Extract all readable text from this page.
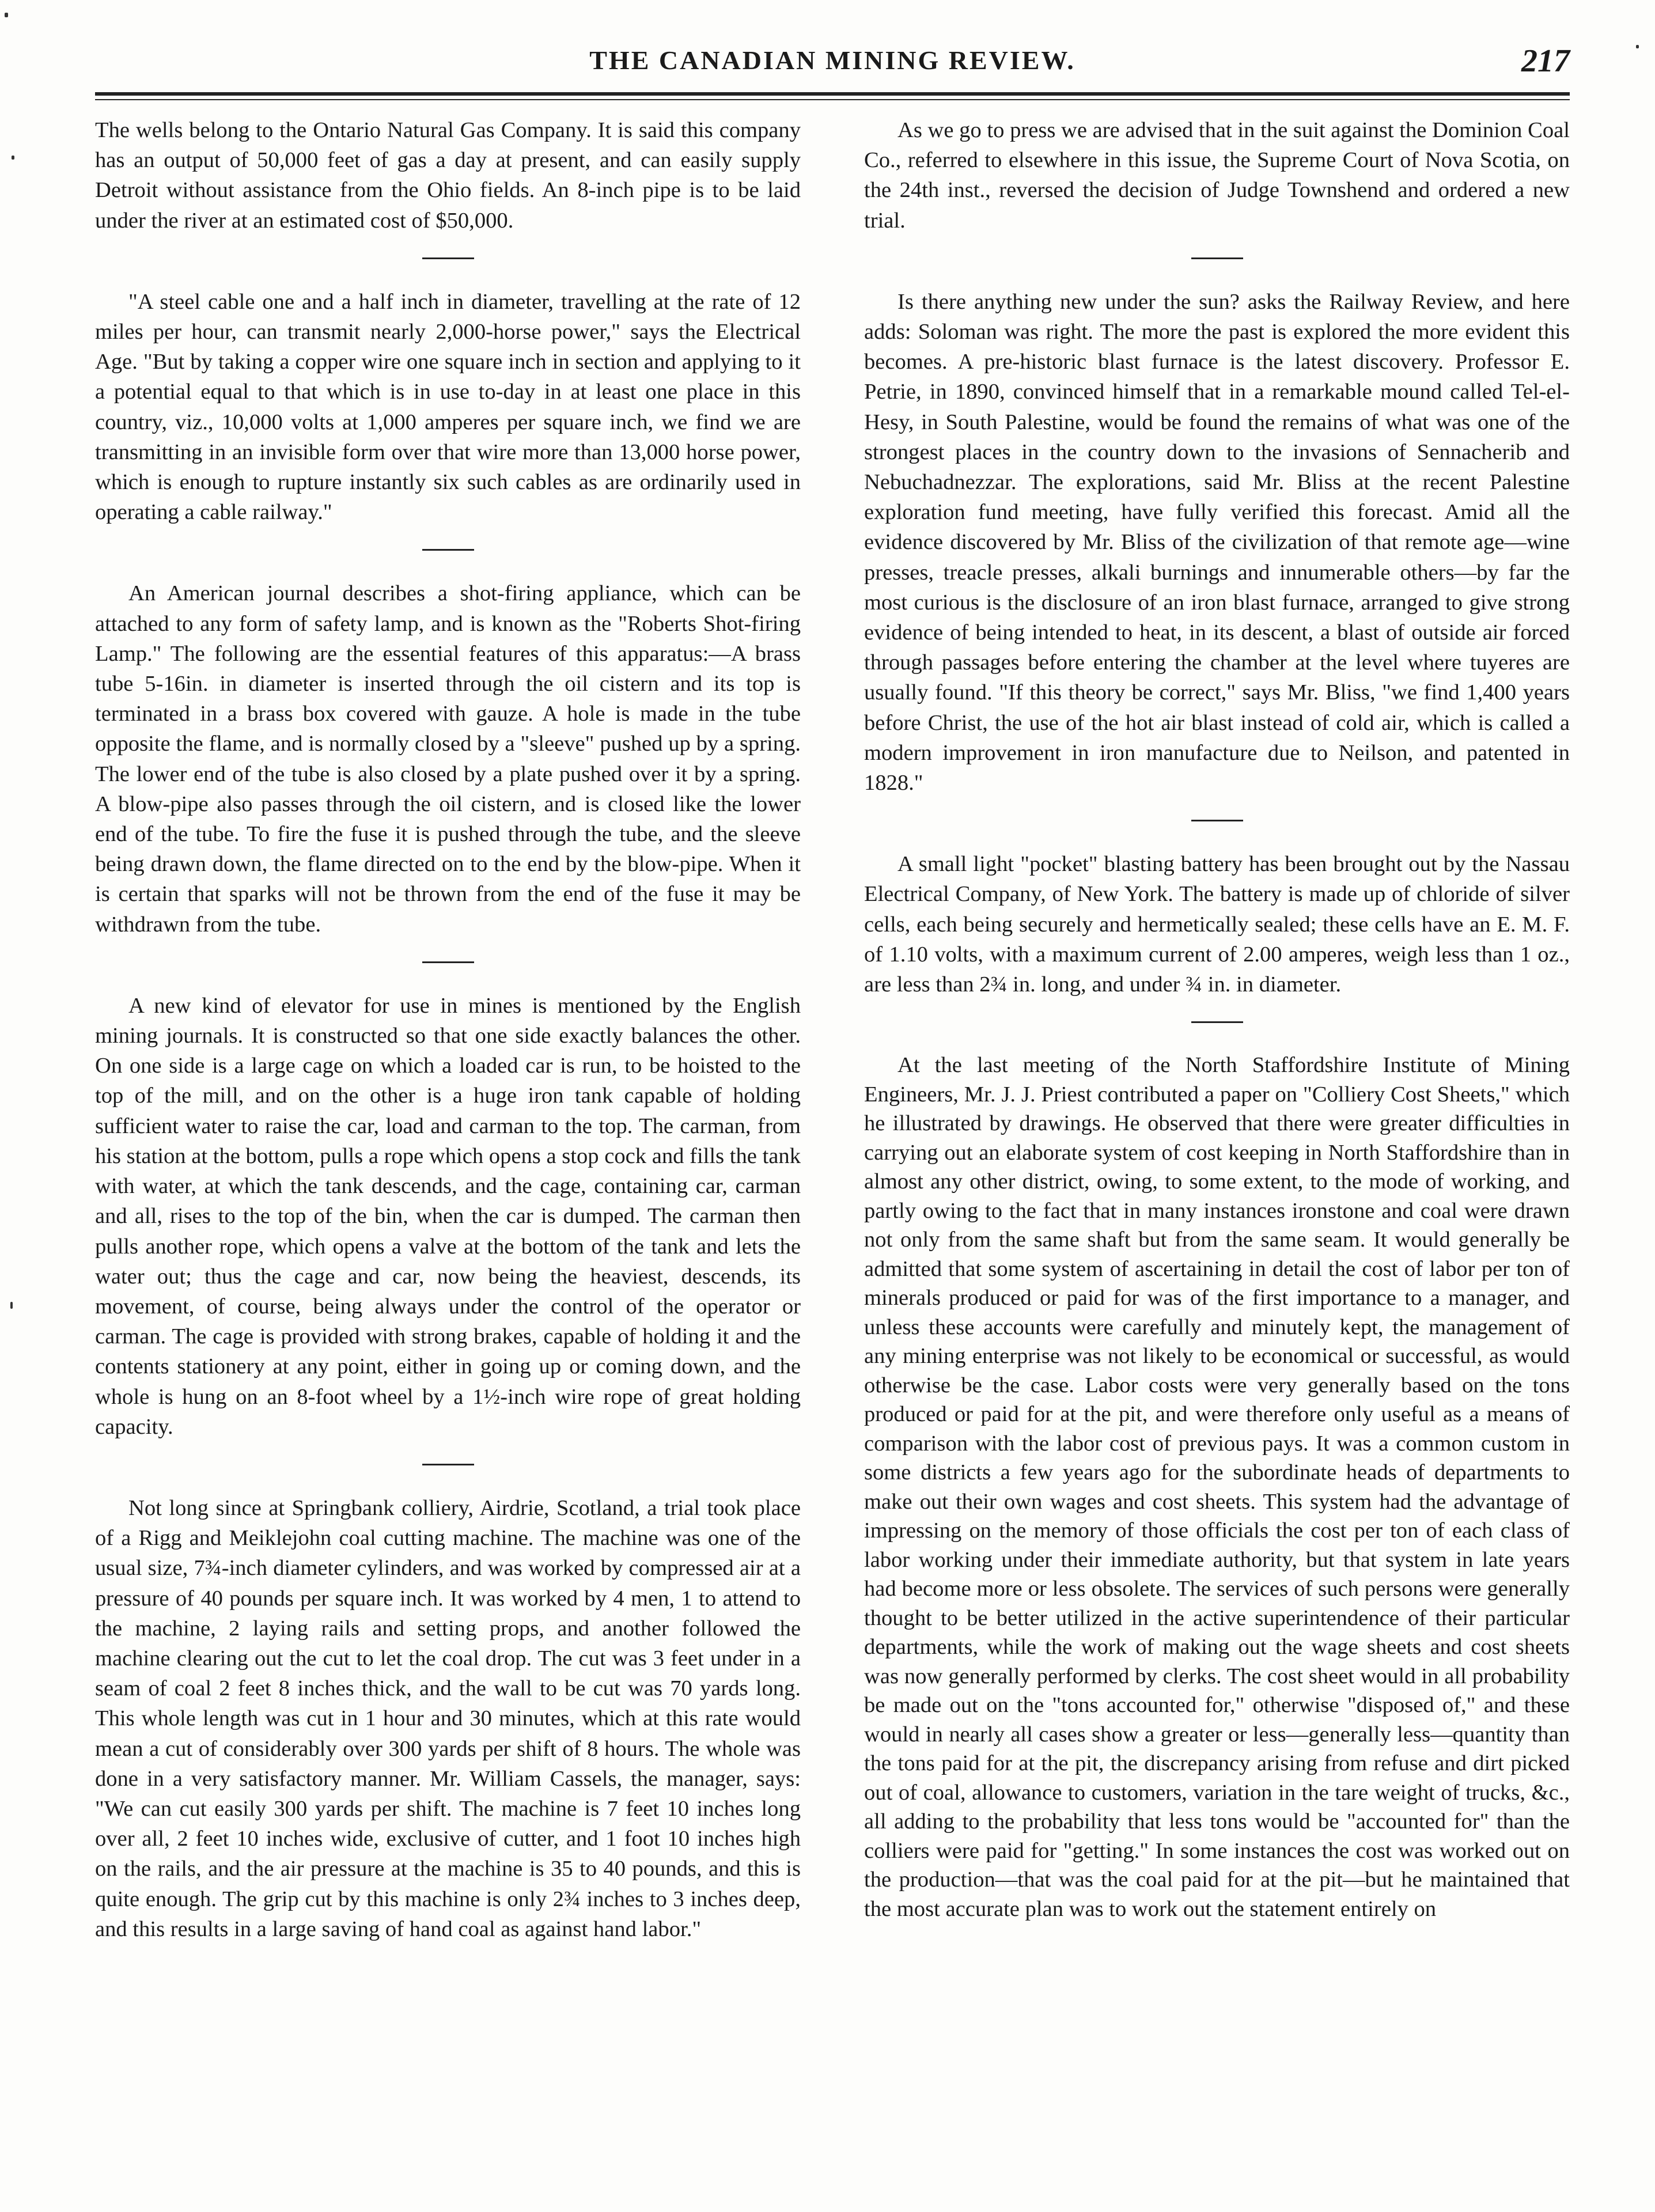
THE CANADIAN MINING REVIEW.	217

The wells belong to the Ontario Natural Gas Company. It is said this company has an output of 50,000 feet of gas a day at present, and can easily supply Detroit without assistance from the Ohio fields. An 8-inch pipe is to be laid under the river at an estimated cost of $50,000.

"A steel cable one and a half inch in diameter, travelling at the rate of 12 miles per hour, can transmit nearly 2,000-horse power," says the Electrical Age. "But by taking a copper wire one square inch in section and applying to it a potential equal to that which is in use to-day in at least one place in this country, viz., 10,000 volts at 1,000 amperes per square inch, we find we are transmitting in an invisible form over that wire more than 13,000 horse power, which is enough to rupture instantly six such cables as are ordinarily used in operating a cable railway."

An American journal describes a shot-firing appliance, which can be attached to any form of safety lamp, and is known as the "Roberts Shot-firing Lamp." The following are the essential features of this apparatus:—A brass tube 5-16in. in diameter is inserted through the oil cistern and its top is terminated in a brass box covered with gauze. A hole is made in the tube opposite the flame, and is normally closed by a "sleeve" pushed up by a spring. The lower end of the tube is also closed by a plate pushed over it by a spring. A blow-pipe also passes through the oil cistern, and is closed like the lower end of the tube. To fire the fuse it is pushed through the tube, and the sleeve being drawn down, the flame directed on to the end by the blow-pipe. When it is certain that sparks will not be thrown from the end of the fuse it may be withdrawn from the tube.

A new kind of elevator for use in mines is mentioned by the English mining journals. It is constructed so that one side exactly balances the other. On one side is a large cage on which a loaded car is run, to be hoisted to the top of the mill, and on the other is a huge iron tank capable of holding sufficient water to raise the car, load and carman to the top. The carman, from his station at the bottom, pulls a rope which opens a stop cock and fills the tank with water, at which the tank descends, and the cage, containing car, carman and all, rises to the top of the bin, when the car is dumped. The carman then pulls another rope, which opens a valve at the bottom of the tank and lets the water out; thus the cage and car, now being the heaviest, descends, its movement, of course, being always under the control of the operator or carman. The cage is provided with strong brakes, capable of holding it and the contents stationery at any point, either in going up or coming down, and the whole is hung on an 8-foot wheel by a 1½-inch wire rope of great holding capacity.

Not long since at Springbank colliery, Airdrie, Scotland, a trial took place of a Rigg and Meiklejohn coal cutting machine. The machine was one of the usual size, 7¾-inch diameter cylinders, and was worked by compressed air at a pressure of 40 pounds per square inch. It was worked by 4 men, 1 to attend to the machine, 2 laying rails and setting props, and another followed the machine clearing out the cut to let the coal drop. The cut was 3 feet under in a seam of coal 2 feet 8 inches thick, and the wall to be cut was 70 yards long. This whole length was cut in 1 hour and 30 minutes, which at this rate would mean a cut of considerably over 300 yards per shift of 8 hours. The whole was done in a very satisfactory manner. Mr. William Cassels, the manager, says: "We can cut easily 300 yards per shift. The machine is 7 feet 10 inches long over all, 2 feet 10 inches wide, exclusive of cutter, and 1 foot 10 inches high on the rails, and the air pressure at the machine is 35 to 40 pounds, and this is quite enough. The grip cut by this machine is only 2¾ inches to 3 inches deep, and this results in a large saving of hand coal as against hand labor."

As we go to press we are advised that in the suit against the Dominion Coal Co., referred to elsewhere in this issue, the Supreme Court of Nova Scotia, on the 24th inst., reversed the decision of Judge Townshend and ordered a new trial.

Is there anything new under the sun? asks the Railway Review, and here adds: Soloman was right. The more the past is explored the more evident this becomes. A pre-historic blast furnace is the latest discovery. Professor E. Petrie, in 1890, convinced himself that in a remarkable mound called Tel-el-Hesy, in South Palestine, would be found the remains of what was one of the strongest places in the country down to the invasions of Sennacherib and Nebuchadnezzar. The explorations, said Mr. Bliss at the recent Palestine exploration fund meeting, have fully verified this forecast. Amid all the evidence discovered by Mr. Bliss of the civilization of that remote age—wine presses, treacle presses, alkali burnings and innumerable others—by far the most curious is the disclosure of an iron blast furnace, arranged to give strong evidence of being intended to heat, in its descent, a blast of outside air forced through passages before entering the chamber at the level where tuyeres are usually found. "If this theory be correct," says Mr. Bliss, "we find 1,400 years before Christ, the use of the hot air blast instead of cold air, which is called a modern improvement in iron manufacture due to Neilson, and patented in 1828."

A small light "pocket" blasting battery has been brought out by the Nassau Electrical Company, of New York. The battery is made up of chloride of silver cells, each being securely and hermetically sealed; these cells have an E. M. F. of 1.10 volts, with a maximum current of 2.00 amperes, weigh less than 1 oz., are less than 2¾ in. long, and under ¾ in. in diameter.

At the last meeting of the North Staffordshire Institute of Mining Engineers, Mr. J. J. Priest contributed a paper on "Colliery Cost Sheets," which he illustrated by drawings. He observed that there were greater difficulties in carrying out an elaborate system of cost keeping in North Staffordshire than in almost any other district, owing, to some extent, to the mode of working, and partly owing to the fact that in many instances ironstone and coal were drawn not only from the same shaft but from the same seam. It would generally be admitted that some system of ascertaining in detail the cost of labor per ton of minerals produced or paid for was of the first importance to a manager, and unless these accounts were carefully and minutely kept, the management of any mining enterprise was not likely to be economical or successful, as would otherwise be the case. Labor costs were very generally based on the tons produced or paid for at the pit, and were therefore only useful as a means of comparison with the labor cost of previous pays. It was a common custom in some districts a few years ago for the subordinate heads of departments to make out their own wages and cost sheets. This system had the advantage of impressing on the memory of those officials the cost per ton of each class of labor working under their immediate authority, but that system in late years had become more or less obsolete. The services of such persons were generally thought to be better utilized in the active superintendence of their particular departments, while the work of making out the wage sheets and cost sheets was now generally performed by clerks. The cost sheet would in all probability be made out on the "tons accounted for," otherwise "disposed of," and these would in nearly all cases show a greater or less—generally less—quantity than the tons paid for at the pit, the discrepancy arising from refuse and dirt picked out of coal, allowance to customers, variation in the tare weight of trucks, &c., all adding to the probability that less tons would be "accounted for" than the colliers were paid for "getting." In some instances the cost was worked out on the production—that was the coal paid for at the pit—but he maintained that the most accurate plan was to work out the statement entirely on
